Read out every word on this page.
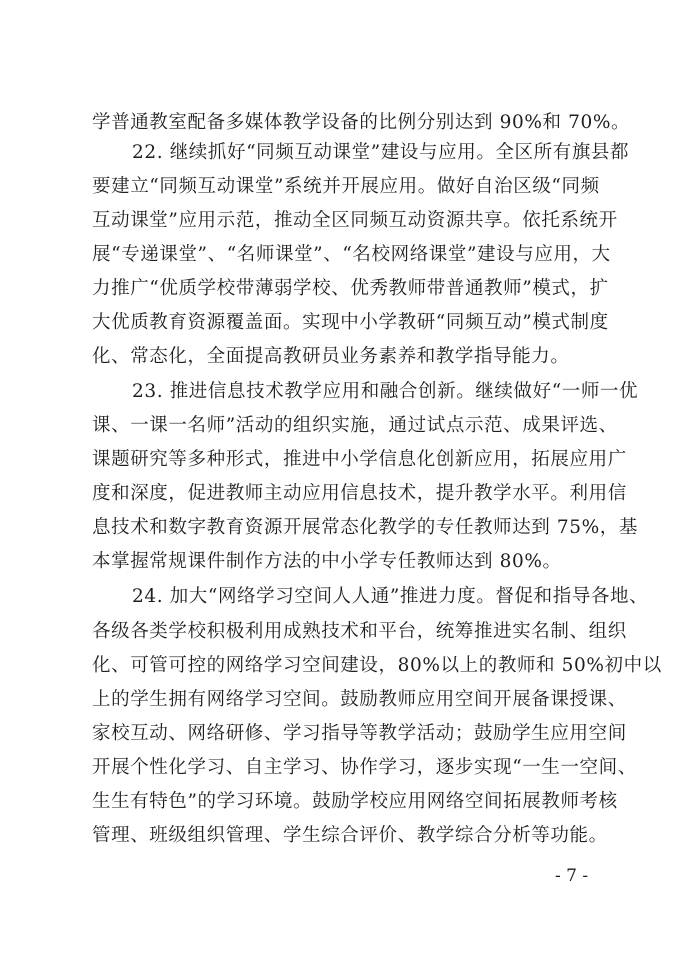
学普通教室配备多媒体教学设备的比例分别达到 90%和 70%。
22. 继续抓好“同频互动课堂”建设与应用。全区所有旗县都
要建立“同频互动课堂”系统并开展应用。做好自治区级“同频
互动课堂”应用示范，推动全区同频互动资源共享。依托系统开
展“专递课堂”、“名师课堂”、“名校网络课堂”建设与应用，大
力推广“优质学校带薄弱学校、优秀教师带普通教师”模式，扩
大优质教育资源覆盖面。实现中小学教研“同频互动”模式制度
化、常态化，全面提高教研员业务素养和教学指导能力。
23. 推进信息技术教学应用和融合创新。继续做好“一师一优
课、一课一名师”活动的组织实施，通过试点示范、成果评选、
课题研究等多种形式，推进中小学信息化创新应用，拓展应用广
度和深度，促进教师主动应用信息技术，提升教学水平。利用信
息技术和数字教育资源开展常态化教学的专任教师达到 75%，基
本掌握常规课件制作方法的中小学专任教师达到 80%。
24. 加大“网络学习空间人人通”推进力度。督促和指导各地、
各级各类学校积极利用成熟技术和平台，统筹推进实名制、组织
化、可管可控的网络学习空间建设，80%以上的教师和 50%初中以
上的学生拥有网络学习空间。鼓励教师应用空间开展备课授课、
家校互动、网络研修、学习指导等教学活动；鼓励学生应用空间
开展个性化学习、自主学习、协作学习，逐步实现“一生一空间、
生生有特色”的学习环境。鼓励学校应用网络空间拓展教师考核
管理、班级组织管理、学生综合评价、教学综合分析等功能。
- 7 -
